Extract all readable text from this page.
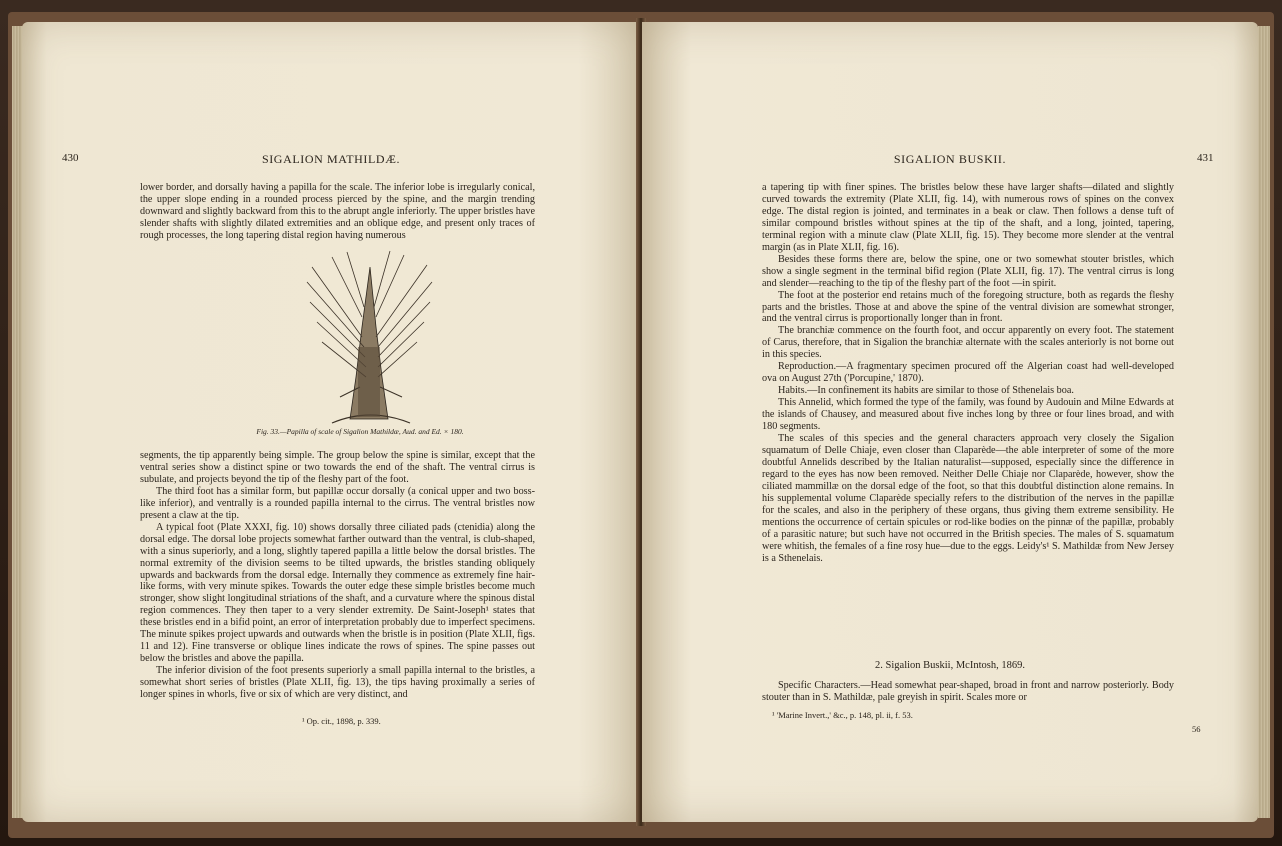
430	SIGALION MATHILDÆ.

lower border, and dorsally having a papilla for the scale. The inferior lobe is irregularly conical, the upper slope ending in a rounded process pierced by the spine, and the margin trending downward and slightly backward from this to the abrupt angle inferiorly. The upper bristles have slender shafts with slightly dilated extremities and an oblique edge, and present only traces of rough processes, the long tapering distal region having numerous

Fig. 33.—Papilla of scale of Sigalion Mathildæ, Aud. and Ed. × 180.

segments, the tip apparently being simple. The group below the spine is similar, except that the ventral series show a distinct spine or two towards the end of the shaft. The ventral cirrus is subulate, and projects beyond the tip of the fleshy part of the foot.

The third foot has a similar form, but papillæ occur dorsally (a conical upper and two boss-like inferior), and ventrally is a rounded papilla internal to the cirrus. The ventral bristles now present a claw at the tip.

A typical foot (Plate XXXI, fig. 10) shows dorsally three ciliated pads (ctenidia) along the dorsal edge. The dorsal lobe projects somewhat farther outward than the ventral, is club-shaped, with a sinus superiorly, and a long, slightly tapered papilla a little below the dorsal bristles. The normal extremity of the division seems to be tilted upwards, the bristles standing obliquely upwards and backwards from the dorsal edge. Internally they commence as extremely fine hair-like forms, with very minute spikes. Towards the outer edge these simple bristles become much stronger, show slight longitudinal striations of the shaft, and a curvature where the spinous distal region commences. They then taper to a very slender extremity. De Saint-Joseph¹ states that these bristles end in a bifid point, an error of interpretation probably due to imperfect specimens. The minute spikes project upwards and outwards when the bristle is in position (Plate XLII, figs. 11 and 12). Fine transverse or oblique lines indicate the rows of spines. The spine passes out below the bristles and above the papilla.

The inferior division of the foot presents superiorly a small papilla internal to the bristles, a somewhat short series of bristles (Plate XLII, fig. 13), the tips having proximally a series of longer spines in whorls, five or six of which are very distinct, and

¹ Op. cit., 1898, p. 339.
SIGALION BUSKII.	431

a tapering tip with finer spines. The bristles below these have larger shafts—dilated and slightly curved towards the extremity (Plate XLII, fig. 14), with numerous rows of spines on the convex edge. The distal region is jointed, and terminates in a beak or claw. Then follows a dense tuft of similar compound bristles without spines at the tip of the shaft, and a long, jointed, tapering, terminal region with a minute claw (Plate XLII, fig. 15). They become more slender at the ventral margin (as in Plate XLII, fig. 16).

Besides these forms there are, below the spine, one or two somewhat stouter bristles, which show a single segment in the terminal bifid region (Plate XLII, fig. 17). The ventral cirrus is long and slender—reaching to the tip of the fleshy part of the foot —in spirit.

The foot at the posterior end retains much of the foregoing structure, both as regards the fleshy parts and the bristles. Those at and above the spine of the ventral division are somewhat stronger, and the ventral cirrus is proportionally longer than in front.

The branchiæ commence on the fourth foot, and occur apparently on every foot. The statement of Carus, therefore, that in Sigalion the branchiæ alternate with the scales anteriorly is not borne out in this species.

Reproduction.—A fragmentary specimen procured off the Algerian coast had well-developed ova on August 27th ('Porcupine,' 1870).

Habits.—In confinement its habits are similar to those of Sthenelais boa.

This Annelid, which formed the type of the family, was found by Audouin and Milne Edwards at the islands of Chausey, and measured about five inches long by three or four lines broad, and with 180 segments.

The scales of this species and the general characters approach very closely the Sigalion squamatum of Delle Chiaje, even closer than Claparède—the able interpreter of some of the more doubtful Annelids described by the Italian naturalist—supposed, especially since the difference in regard to the eyes has now been removed. Neither Delle Chiaje nor Claparède, however, show the ciliated mammillæ on the dorsal edge of the foot, so that this doubtful distinction alone remains. In his supplemental volume Claparède specially refers to the distribution of the nerves in the papillæ for the scales, and also in the periphery of these organs, thus giving them extreme sensibility. He mentions the occurrence of certain spicules or rod-like bodies on the pinnæ of the papillæ, probably of a parasitic nature; but such have not occurred in the British species. The males of S. squamatum were whitish, the females of a fine rosy hue—due to the eggs. Leidy's¹ S. Mathildæ from New Jersey is a Sthenelais.

2. Sigalion Buskii, McIntosh, 1869.

Specific Characters.—Head somewhat pear-shaped, broad in front and narrow posteriorly. Body stouter than in S. Mathildæ, pale greyish in spirit. Scales more or

¹ 'Marine Invert.,' &c., p. 148, pl. ii, f. 53.
56
